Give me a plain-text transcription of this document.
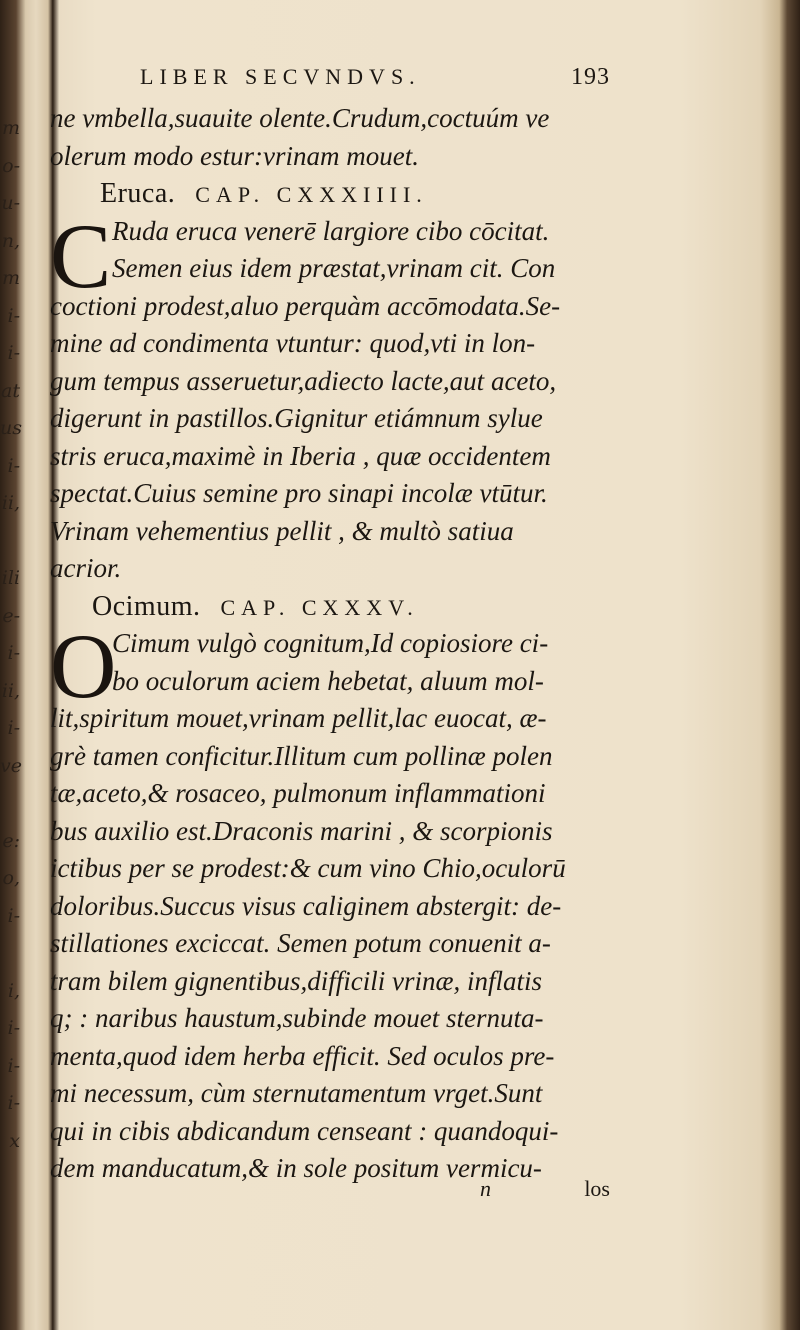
m
o-
u-
n,
m
i-
i-
at
us
i-
ii,
ili
e-
i-
ii,
i-
ve
e:
o,
i-
i,
i-
i-
i-
x
LIBER SECVNDVS.	193
ne vmbella,suauite olente.Crudum,coctuúm ve
olerum modo estur:vrinam mouet.
Eruca. CAP. CXXXIIII.
C Ruda eruca venerē largiore cibo cōcitat.
Semen eius idem præstat,vrinam cit. Con
coctioni prodest,aluo perquàm accōmodata.Se-
mine ad condimenta vtuntur: quod,vti in lon-
gum tempus asseruetur,adiecto lacte,aut aceto,
digerunt in pastillos.Gignitur etiámnum sylue
stris eruca,maximè in Iberia , quæ occidentem
spectat.Cuius semine pro sinapi incolæ vtūtur.
Vrinam vehementius pellit , & multò satiua
acrior.
Ocimum. CAP. CXXXV.
O
Cimum vulgò cognitum,Id copiosiore ci-
bo oculorum aciem hebetat, aluum mol-
lit,spiritum mouet,vrinam pellit,lac euocat, æ-
grè tamen conficitur.Illitum cum pollinæ polen
tæ,aceto,& rosaceo, pulmonum inflammationi
bus auxilio est.Draconis marini , & scorpionis
ictibus per se prodest:& cum vino Chio,oculorū
doloribus.Succus visus caliginem abstergit: de-
stillationes exciccat. Semen potum conuenit a-
tram bilem gignentibus,difficili vrinæ, inflatis
q; : naribus haustum,subinde mouet sternuta-
menta,quod idem herba efficit. Sed oculos pre-
mi necessum, cùm sternutamentum vrget.Sunt
qui in cibis abdicandum censeant : quandoqui-
dem manducatum,& in sole positum vermicu-
n	los
